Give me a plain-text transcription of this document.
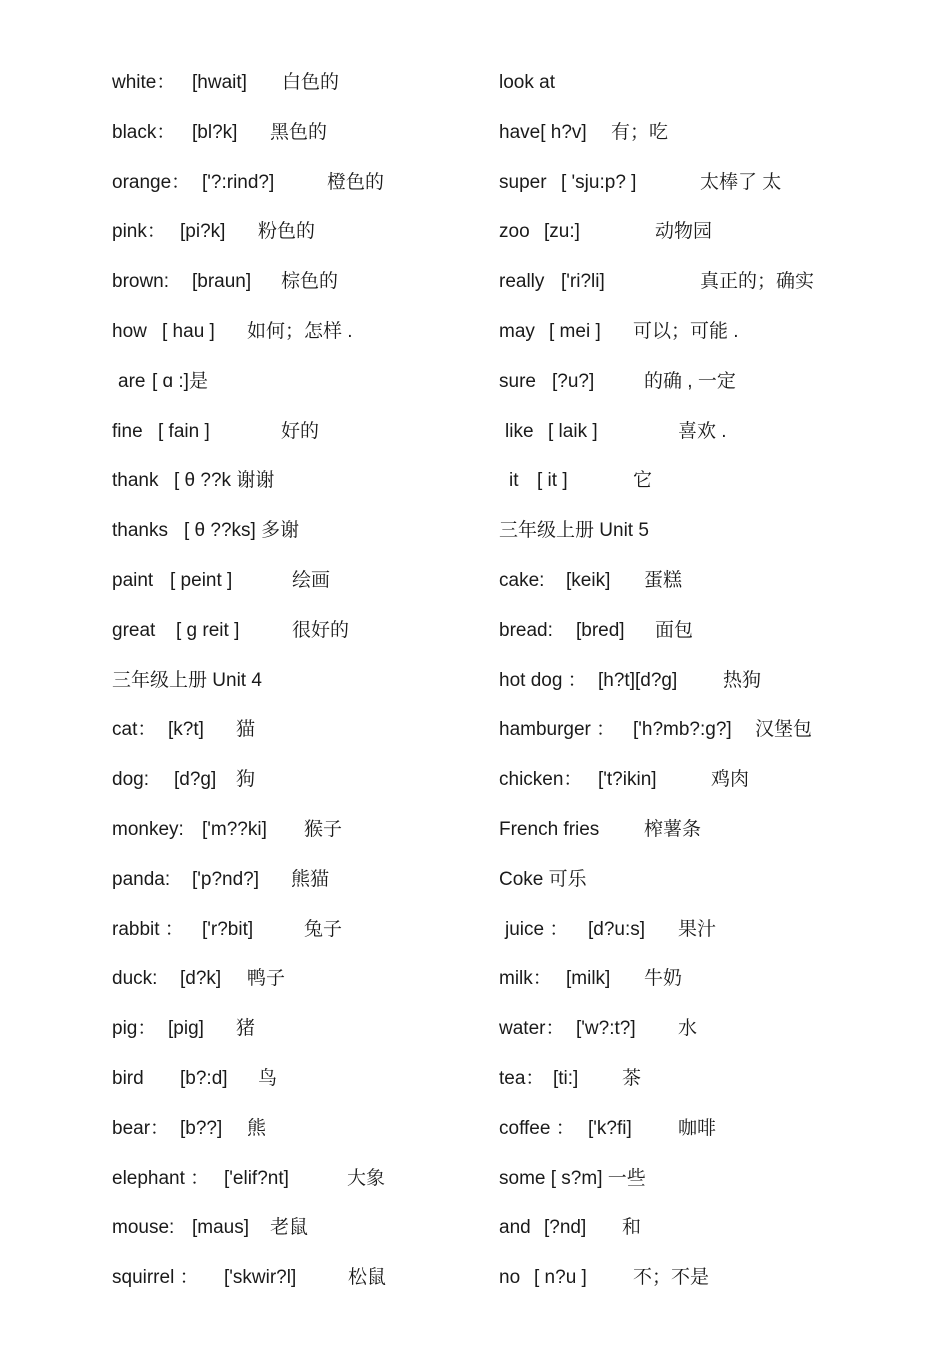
white： [hwait] 白色的
black： [bl?k] 黑色的
orange： ['?:rind?]	橙色的
pink： [pi?k] 粉色的
brown: [braun] 棕色的
how [ hau ] 如何；怎样 .
are [ ɑ :]是
fine [ fain ]	好的
thank [ θ ??k 谢谢
thanks [ θ ??ks] 多谢
paint [ peint ]	绘画
great [ ɡ reit ]	很好的
三年级上册 Unit 4
cat： [k?t] 猫
dog: [d?g] 狗
monkey: ['m??ki] 猴子
panda: ['p?nd?] 熊猫
rabbit ： ['r?bit]	兔子
duck: [d?k] 鸭子
pig： [pig] 猪
bird [b?:d] 鸟
bear： [b??] 熊
elephant ： ['elif?nt]	大象
mouse: [maus] 老鼠
squirrel ： ['skwir?l]	松鼠
look at
have[ h?v] 有；吃
super [ 'sju:p? ]	太棒了 太
zoo [zu:]	动物园
really ['ri?li]	真正的；确实
may [ mei ] 可以；可能 .
sure [?u?]	的确 , 一定
like [ laik ]	喜欢 .
it [ it ]	它
三年级上册 Unit 5
cake: [keik] 蛋糕
bread: [bred] 面包
hot dog ： [h?t][d?g] 热狗
hamburger ： ['h?mb?:g?] 汉堡包
chicken： ['t?ikin]	鸡肉
French fries 榨薯条
Coke 可乐
juice ： [d?u:s] 果汁
milk： [milk] 牛奶
water： ['w?:t?] 水
tea： [ti:] 茶
coffee ： ['k?fi] 咖啡
some [ s?m] 一些
and [?nd] 和
no [ n?u ] 不；不是
